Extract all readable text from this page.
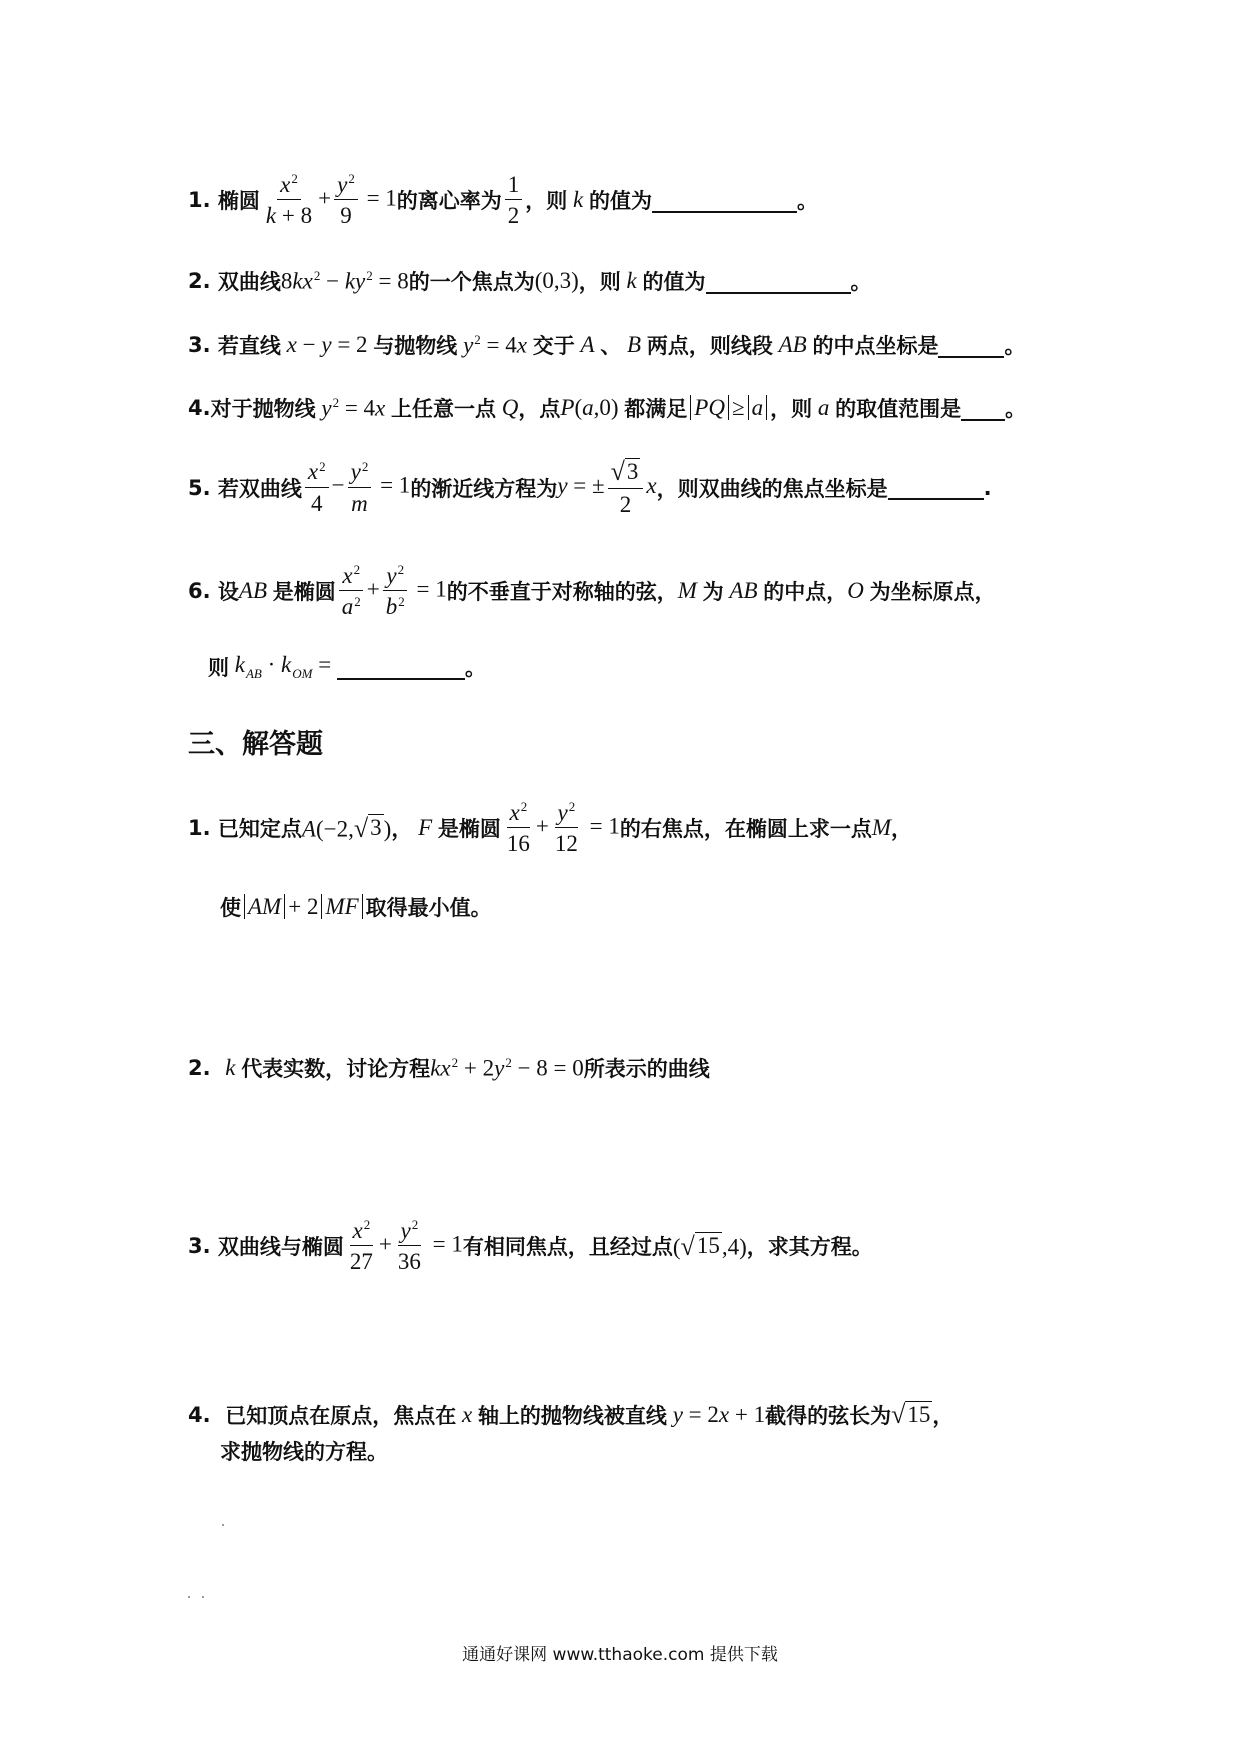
1.
椭圆 $\frac{x^2}{k + 8} + \frac{y^2}{9} = 1$ 的离心率为 $\frac{1}{2}$ ，则 k 的值为	。
2.
双曲线 $8kx^2 - ky^2 = 8$ 的一个焦点为 (0,3) ，则 k 的值为	。
3.
若直线 x − y = 2 与抛物线 $y^2 = 4x$ 交于 A 、 B 两点，则线段 AB 的中点坐标是	。
4. 对于抛物线 $y^2 = 4x$ 上任意一点 Q ，点 P(a,0) 都满足 PQ ≥ a ，则 a 的取值范围是 。
5.
若双曲线 $\frac{x^2}{4} - \frac{y^2}{m} = 1$ 的渐近线方程为 y = ± $\frac{√ 3}{2}$ x ，则双曲线的焦点坐标是	.
6.
设 AB 是椭圆 $\frac{x^2}{a^2} + \frac{y^2}{b^2} = 1$ 的不垂直于对称轴的弦， M 为 AB 的中点， O 为坐标原点，
则 $k_{AB} \cdot k_{OM}$ =	。
三、解答题
1.
已知定点 A(−2, √ 3 ) ， F 是椭圆 $\frac{x^2}{16} + \frac{y^2}{12} = 1$ 的右焦点，在椭圆上求一点 M ，
使 AM + 2 MF 取得最小值。
2.
k 代表实数，讨论方程 $kx^2 + 2y^2 - 8 = 0$ 所表示的曲线
3.
双曲线与椭圆 $\frac{x^2}{27} + \frac{y^2}{36} = 1$ 有相同焦点，且经过点 ( √ 15 ,4) ，求其方程。
4.
已知顶点在原点，焦点在 x 轴上的抛物线被直线 y = 2x + 1 截得的弦长为 √ 15 ，
求抛物线的方程。
通通好课网 www.tthaoke.com 提供下载
